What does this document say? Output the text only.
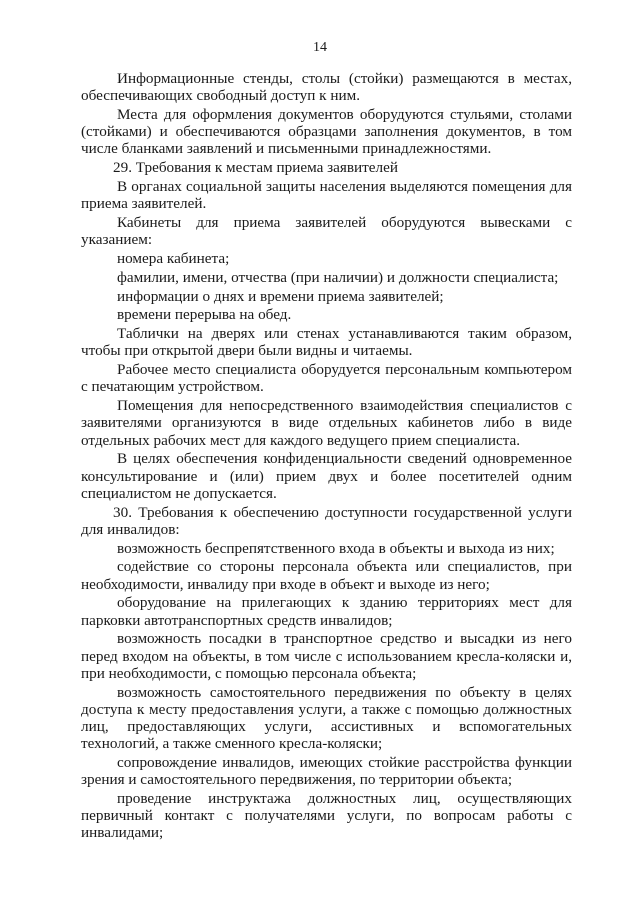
14

Информационные стенды, столы (стойки) размещаются в местах, обеспечивающих свободный доступ к ним.

Места для оформления документов оборудуются стульями, столами (стойками) и обеспечиваются образцами заполнения документов, в том числе бланками заявлений и письменными принадлежностями.

29. Требования к местам приема заявителей

В органах социальной защиты населения выделяются помещения для приема заявителей.

Кабинеты для приема заявителей оборудуются вывесками с указанием:

номера кабинета;

фамилии, имени, отчества (при наличии) и должности специалиста;

информации о днях и времени приема заявителей;

времени перерыва на обед.

Таблички на дверях или стенах устанавливаются таким образом, чтобы при открытой двери были видны и читаемы.

Рабочее место специалиста оборудуется персональным компьютером с печатающим устройством.

Помещения для непосредственного взаимодействия специалистов с заявителями организуются в виде отдельных кабинетов либо в виде отдельных рабочих мест для каждого ведущего прием специалиста.

В целях обеспечения конфиденциальности сведений одновременное консультирование и (или) прием двух и более посетителей одним специалистом не допускается.

30. Требования к обеспечению доступности государственной услуги для инвалидов:

возможность беспрепятственного входа в объекты и выхода из них;

содействие со стороны персонала объекта или специалистов, при необходимости, инвалиду при входе в объект и выходе из него;

оборудование на прилегающих к зданию территориях мест для парковки автотранспортных средств инвалидов;

возможность посадки в транспортное средство и высадки из него перед входом на объекты, в том числе с использованием кресла-коляски и, при необходимости, с помощью персонала объекта;

возможность самостоятельного передвижения по объекту в целях доступа к месту предоставления услуги, а также с помощью должностных лиц, предоставляющих услуги, ассистивных и вспомогательных технологий, а также сменного кресла-коляски;

сопровождение инвалидов, имеющих стойкие расстройства функции зрения и самостоятельного передвижения, по территории объекта;

проведение инструктажа должностных лиц, осуществляющих первичный контакт с получателями услуги, по вопросам работы с инвалидами;
